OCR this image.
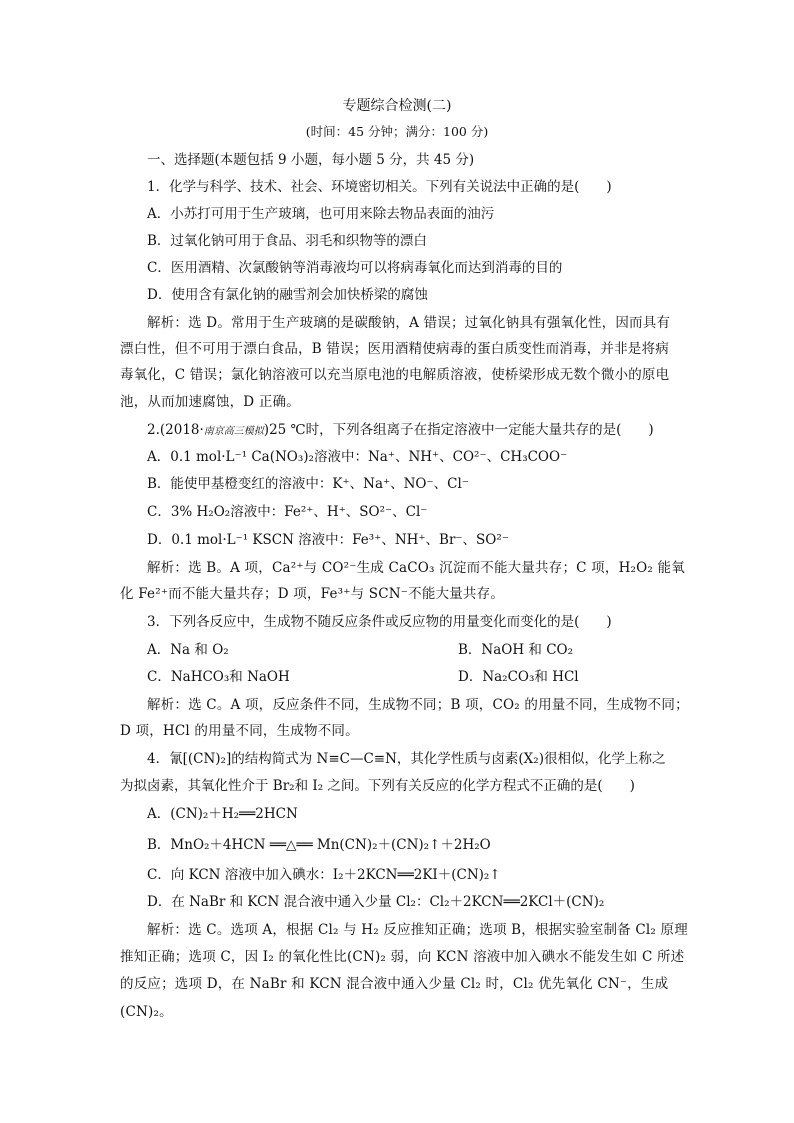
专题综合检测(二)
(时间：45 分钟；满分：100 分)
一、选择题(本题包括 9 小题，每小题 5 分，共 45 分)
1．化学与科学、技术、社会、环境密切相关。下列有关说法中正确的是(　　)
A．小苏打可用于生产玻璃，也可用来除去物品表面的油污
B．过氧化钠可用于食品、羽毛和织物等的漂白
C．医用酒精、次氯酸钠等消毒液均可以将病毒氧化而达到消毒的目的
D．使用含有氯化钠的融雪剂会加快桥梁的腐蚀
解析：选 D。常用于生产玻璃的是碳酸钠，A 错误；过氧化钠具有强氧化性，因而具有
漂白性，但不可用于漂白食品，B 错误；医用酒精使病毒的蛋白质变性而消毒，并非是将病
毒氧化，C 错误；氯化钠溶液可以充当原电池的电解质溶液，使桥梁形成无数个微小的原电
池，从而加速腐蚀，D 正确。
2.(2018·南京高三模拟)25 ℃时，下列各组离子在指定溶液中一定能大量共存的是(　　)
A．0.1 mol·L⁻¹ Ca(NO₃)₂溶液中：Na⁺、NH⁺、CO²⁻、CH₃COO⁻
B．能使甲基橙变红的溶液中：K⁺、Na⁺、NO⁻、Cl⁻
C．3% H₂O₂溶液中：Fe²⁺、H⁺、SO²⁻、Cl⁻
D．0.1 mol·L⁻¹ KSCN 溶液中：Fe³⁺、NH⁺、Br⁻、SO²⁻
解析：选 B。A 项，Ca²⁺与 CO²⁻生成 CaCO₃ 沉淀而不能大量共存；C 项，H₂O₂ 能氧
化 Fe²⁺而不能大量共存；D 项，Fe³⁺与 SCN⁻不能大量共存。
3．下列各反应中，生成物不随反应条件或反应物的用量变化而变化的是(　　)
A．Na 和 O₂	B．NaOH 和 CO₂
C．NaHCO₃和 NaOH	D．Na₂CO₃和 HCl
解析：选 C。A 项，反应条件不同，生成物不同；B 项，CO₂ 的用量不同，生成物不同；
D 项，HCl 的用量不同，生成物不同。
4．氰[(CN)₂]的结构简式为 N≡C—C≡N，其化学性质与卤素(X₂)很相似，化学上称之
为拟卤素，其氧化性介于 Br₂和 I₂ 之间。下列有关反应的化学方程式不正确的是(　　)
A．(CN)₂＋H₂══2HCN
B．MnO₂＋4HCN ══△══ Mn(CN)₂＋(CN)₂↑＋2H₂O
C．向 KCN 溶液中加入碘水：I₂＋2KCN══2KI＋(CN)₂↑
D．在 NaBr 和 KCN 混合液中通入少量 Cl₂：Cl₂＋2KCN══2KCl＋(CN)₂
解析：选 C。选项 A，根据 Cl₂ 与 H₂ 反应推知正确；选项 B，根据实验室制备 Cl₂ 原理
推知正确；选项 C，因 I₂ 的氧化性比(CN)₂ 弱，向 KCN 溶液中加入碘水不能发生如 C 所述
的反应；选项 D，在 NaBr 和 KCN 混合液中通入少量 Cl₂ 时，Cl₂ 优先氧化 CN⁻，生成
(CN)₂。
